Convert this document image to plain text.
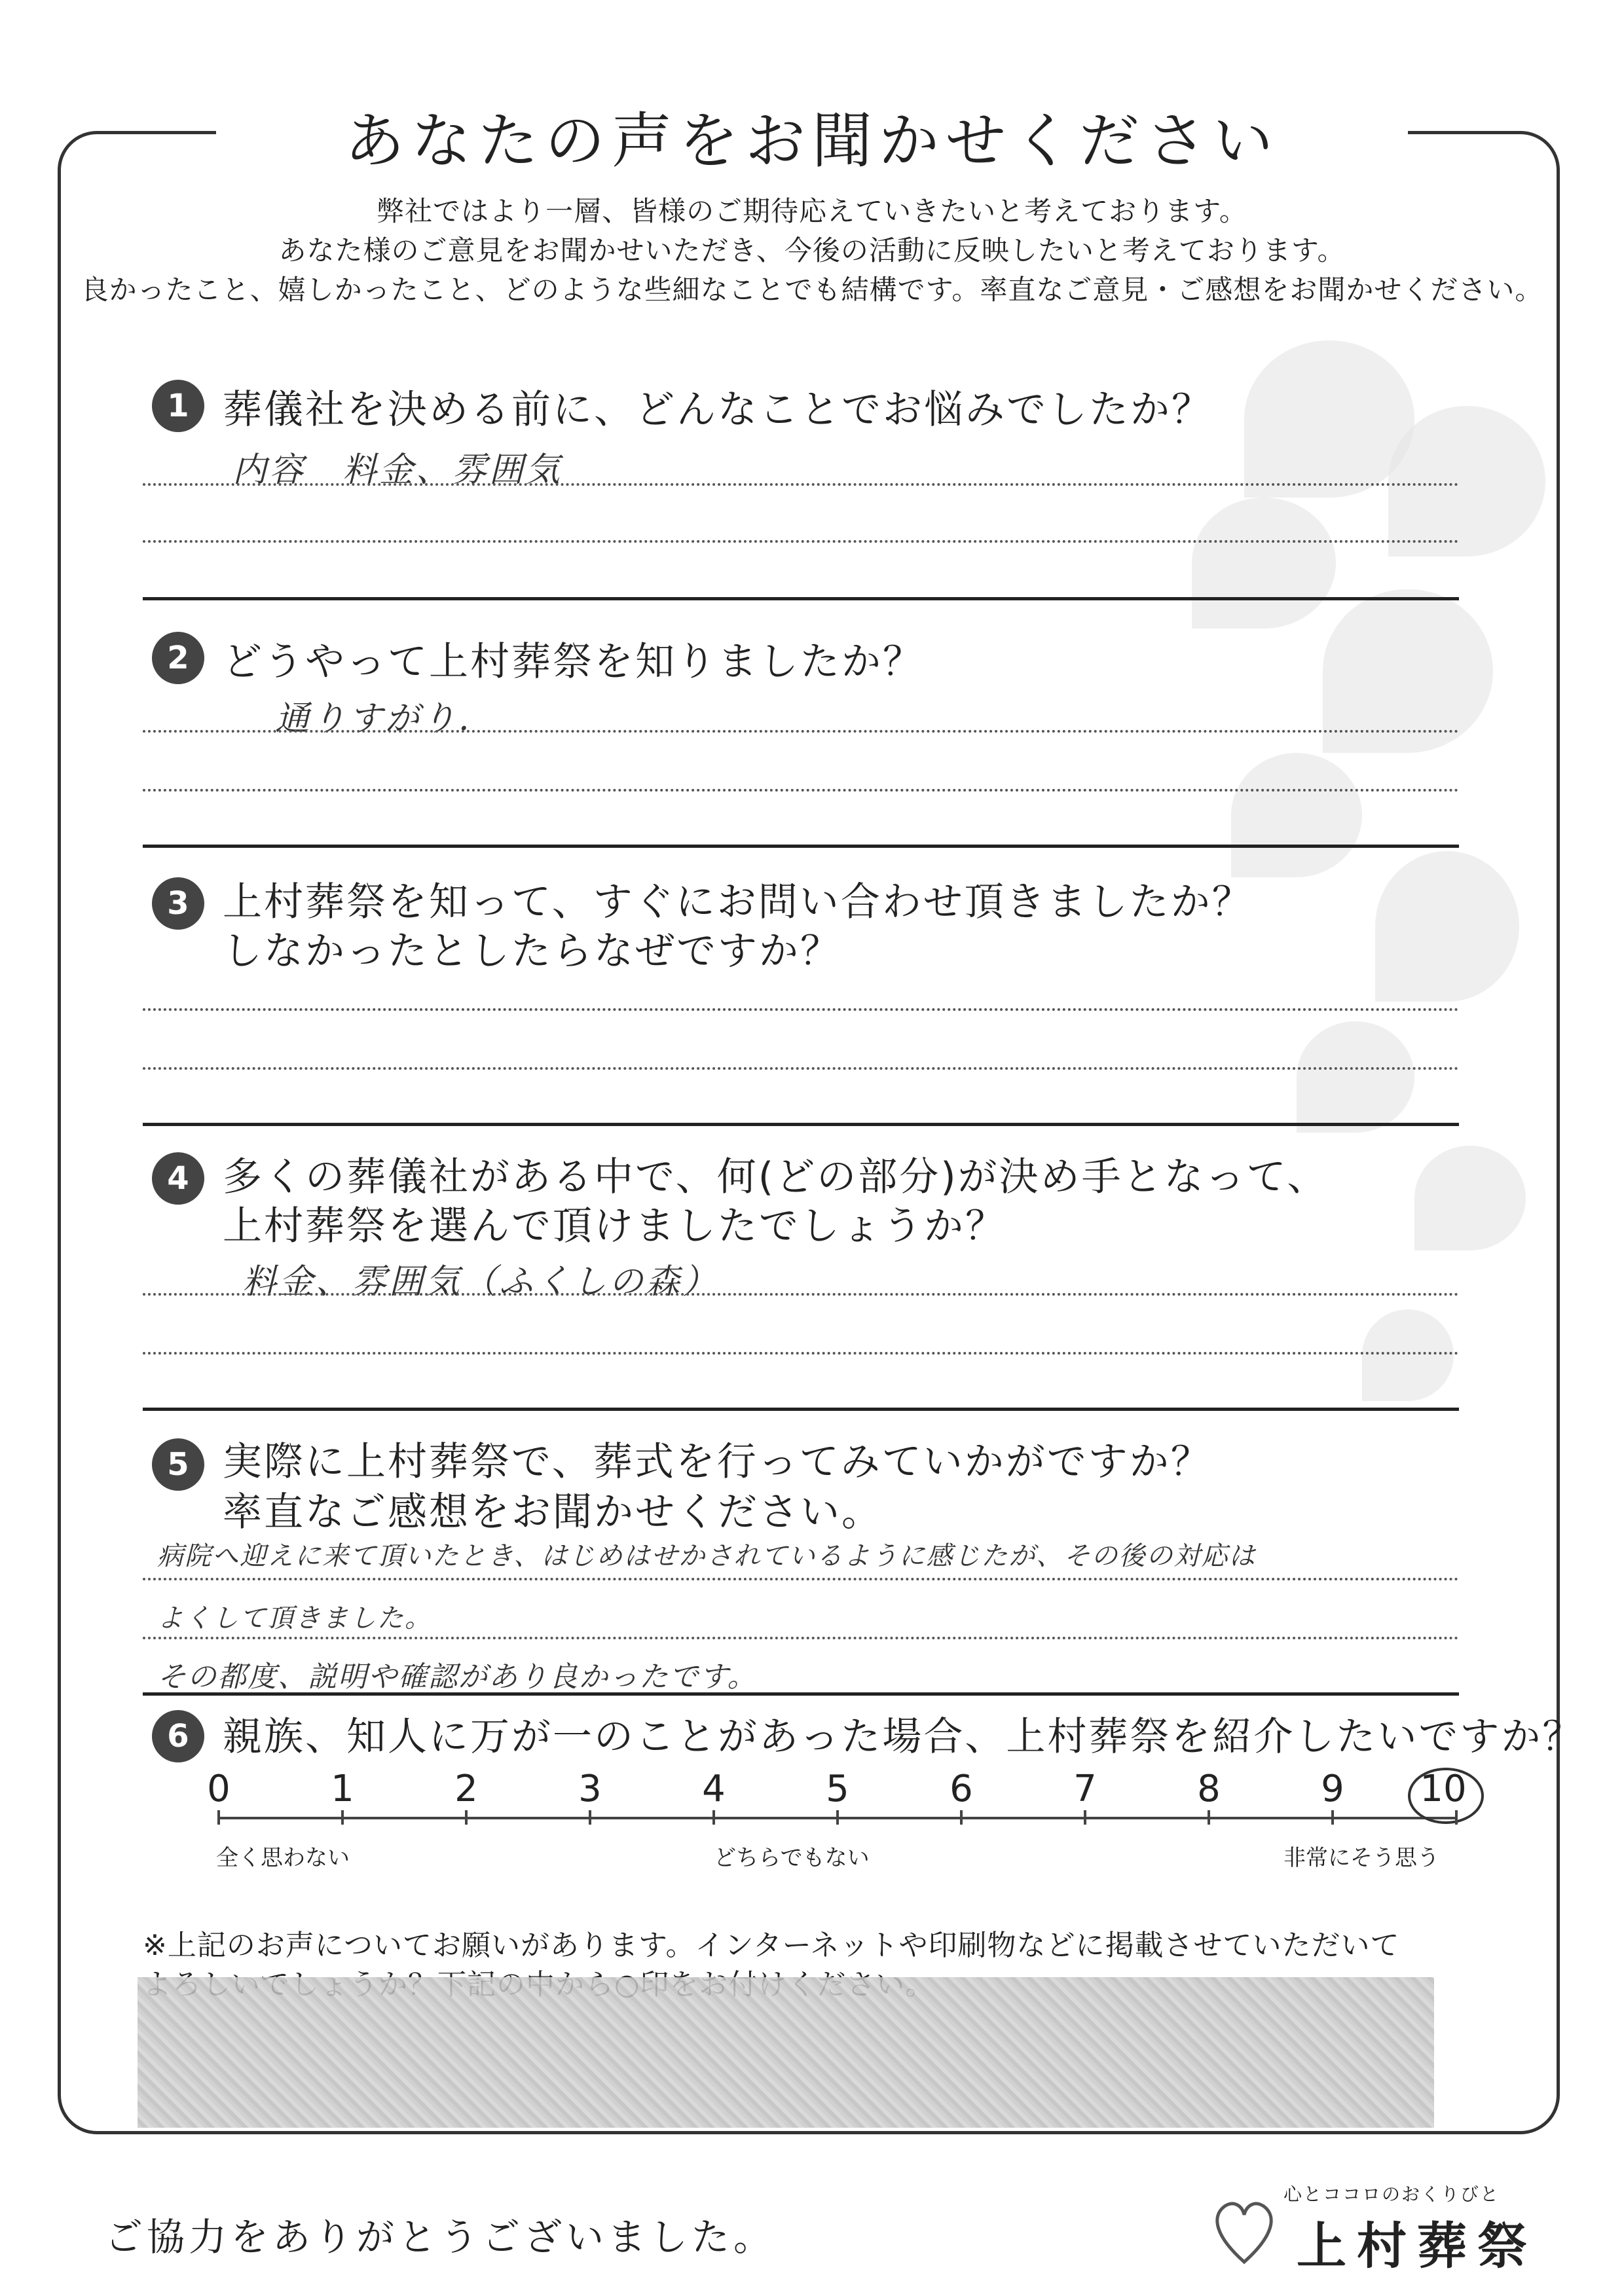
あなたの声をお聞かせください
弊社ではより一層、皆様のご期待応えていきたいと考えております。
あなた様のご意見をお聞かせいただき、今後の活動に反映したいと考えております。
良かったこと、嬉しかったこと、どのような些細なことでも結構です。率直なご意見・ご感想をお聞かせください。
1 葬儀社を決める前に、どんなことでお悩みでしたか？
内容　料金、雰囲気
2 どうやって上村葬祭を知りましたか？
通りすがり.
3 上村葬祭を知って、すぐにお問い合わせ頂きましたか？
しなかったとしたらなぜですか？
4 多くの葬儀社がある中で、何(どの部分)が決め手となって、
上村葬祭を選んで頂けましたでしょうか？
料金、雰囲気（ふくしの森）
5 実際に上村葬祭で、葬式を行ってみていかがですか？
率直なご感想をお聞かせください。
病院へ迎えに来て頂いたとき、はじめはせかされているように感じたが、その後の対応は
よくして頂きました。
その都度、説明や確認があり良かったです。
6 親族、知人に万が一のことがあった場合、上村葬祭を紹介したいですか？
0	1	2	3	4	5	6	7	8	9	10
全く思わない	どちらでもない	非常にそう思う
※上記のお声についてお願いがあります。インターネットや印刷物などに掲載させていただいて
ご協力をありがとうございました。
心とココロのおくりびと
上村葬祭
